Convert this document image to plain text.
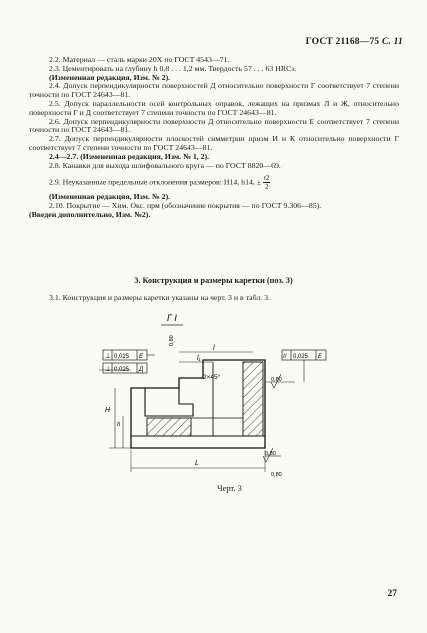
ГОСТ 21168—75 С. 11

2.2. Материал — сталь марки 20Х по ГОСТ 4543—71.

2.3. Цементировать на глубину h 0,8 . . . 1,2 мм. Твердость 57 . . . 63 HRCэ.

(Измененная редакция, Изм. № 2).

2.4. Допуск перпендикулярности поверхностей Д относительно поверхности Г соответствует 7 степени точности по ГОСТ 24643—81.

2.5. Допуск параллельности осей контрольных оправок, лежащих на призмах Л и Ж, относительно поверхности Г и Д соответствует 7 степени точности по ГОСТ 24643—81.

2.6. Допуск перпендикулярности поверхности Д относительно поверхности Е соответствует 7 степени точности по ГОСТ 24643—81.

2.7. Допуск перпендикулярности плоскостей симметрии призм И и К относительно поверхности Г соответствует 7 степени точности по ГОСТ 24643—81.

2.4—2.7. (Измененная редакция, Изм. № 1, 2).

2.8. Канавки для выхода шлифовального круга — по ГОСТ 8820—69.

2.9. Неуказанные предельные отклонения размеров: H14, h14, ± $\frac{t2}{2}$

(Измененная редакция, Изм. № 2).

2.10. Покрытие — Хим. Окс. прм (обозначение покрытия — по ГОСТ 9.306—85).

(Введен дополнительно, Изм. №2).

3. Конструкция и размеры каретки (поз. 3)

3.1. Конструкция и размеры каретки указаны на черт. 3 и в табл. 3.

Г I
0,80
⊥ 0,025 Е
⊥ 0,025 Д
// 0,025 Е
l
l₁
2×45°
H
h
0,80
0,80
L
0,80
Черт. 3
27
